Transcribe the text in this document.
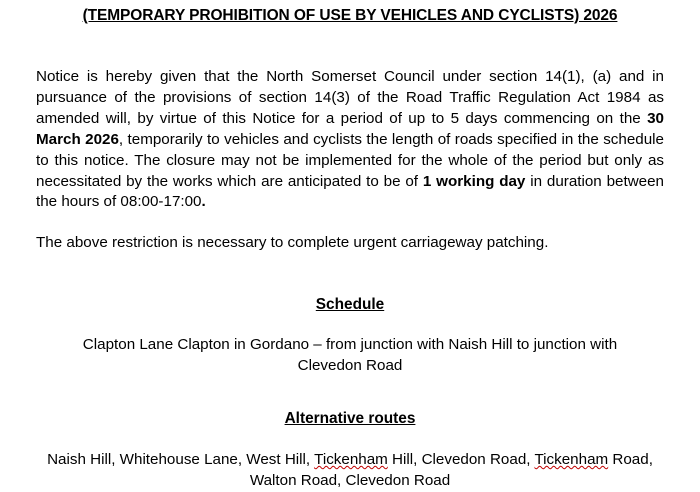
(TEMPORARY PROHIBITION OF USE BY VEHICLES AND CYCLISTS) 2026

Notice is hereby given that the North Somerset Council under section 14(1), (a) and in pursuance of the provisions of section 14(3) of the Road Traffic Regulation Act 1984 as amended will, by virtue of this Notice for a period of up to 5 days commencing on the 30 March 2026, temporarily to vehicles and cyclists the length of roads specified in the schedule to this notice. The closure may not be implemented for the whole of the period but only as necessitated by the works which are anticipated to be of 1 working day in duration between the hours of 08:00-17:00.

The above restriction is necessary to complete urgent carriageway patching.

Schedule

Clapton Lane Clapton in Gordano – from junction with Naish Hill to junction with Clevedon Road

Alternative routes

Naish Hill, Whitehouse Lane, West Hill, Tickenham Hill, Clevedon Road, Tickenham Road, Walton Road, Clevedon Road
